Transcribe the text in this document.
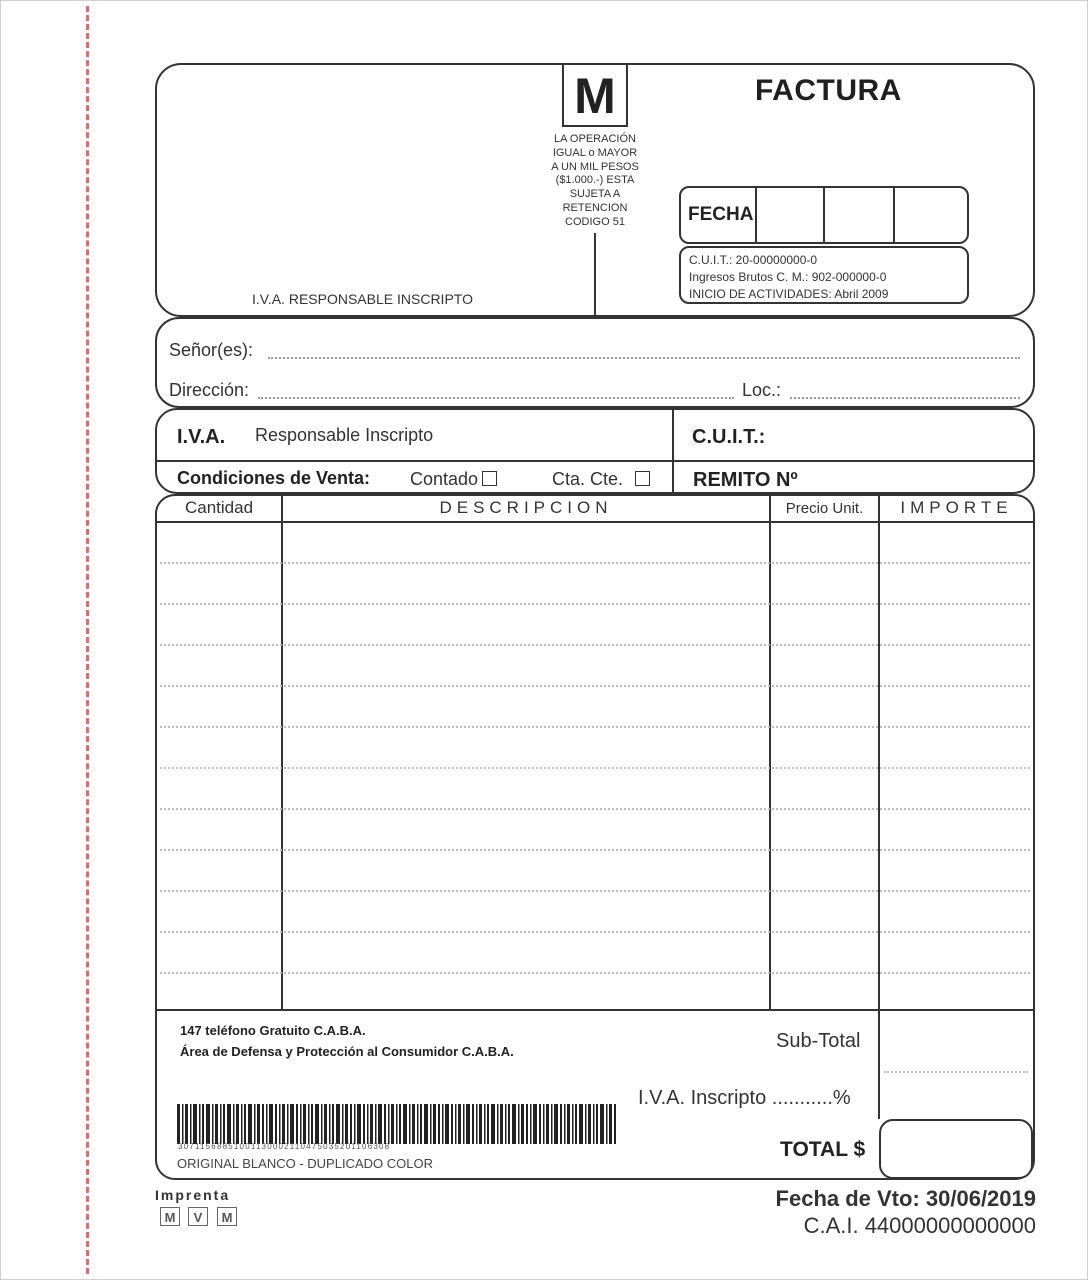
M
LA OPERACIÓN
IGUAL o MAYOR
A UN MIL PESOS
($1.000.-) ESTA
SUJETA A
RETENCION
CODIGO 51
FACTURA
I.V.A. RESPONSABLE INSCRIPTO
FECHA
C.U.I.T.: 20-00000000-0
Ingresos Brutos C. M.: 902-000000-0
INICIO DE ACTIVIDADES: Abril 2009
Señor(es):
Dirección:	Loc.:
I.V.A. Responsable Inscripto	C.U.I.T.:
Condiciones de Venta: Contado	Cta. Cte.	REMITO Nº
Cantidad	DESCRIPCION	Precio Unit.	IMPORTE
147 teléfono Gratuito C.A.B.A.
Área de Defensa y Protección al Consumidor C.A.B.A.	Sub-Total
I.V.A. Inscripto ...........%
TOTAL $
30711568851001130002110475035201106308
ORIGINAL BLANCO - DUPLICADO COLOR
Imprenta
M	V	M
Fecha de Vto: 30/06/2019
C.A.I. 44000000000000
